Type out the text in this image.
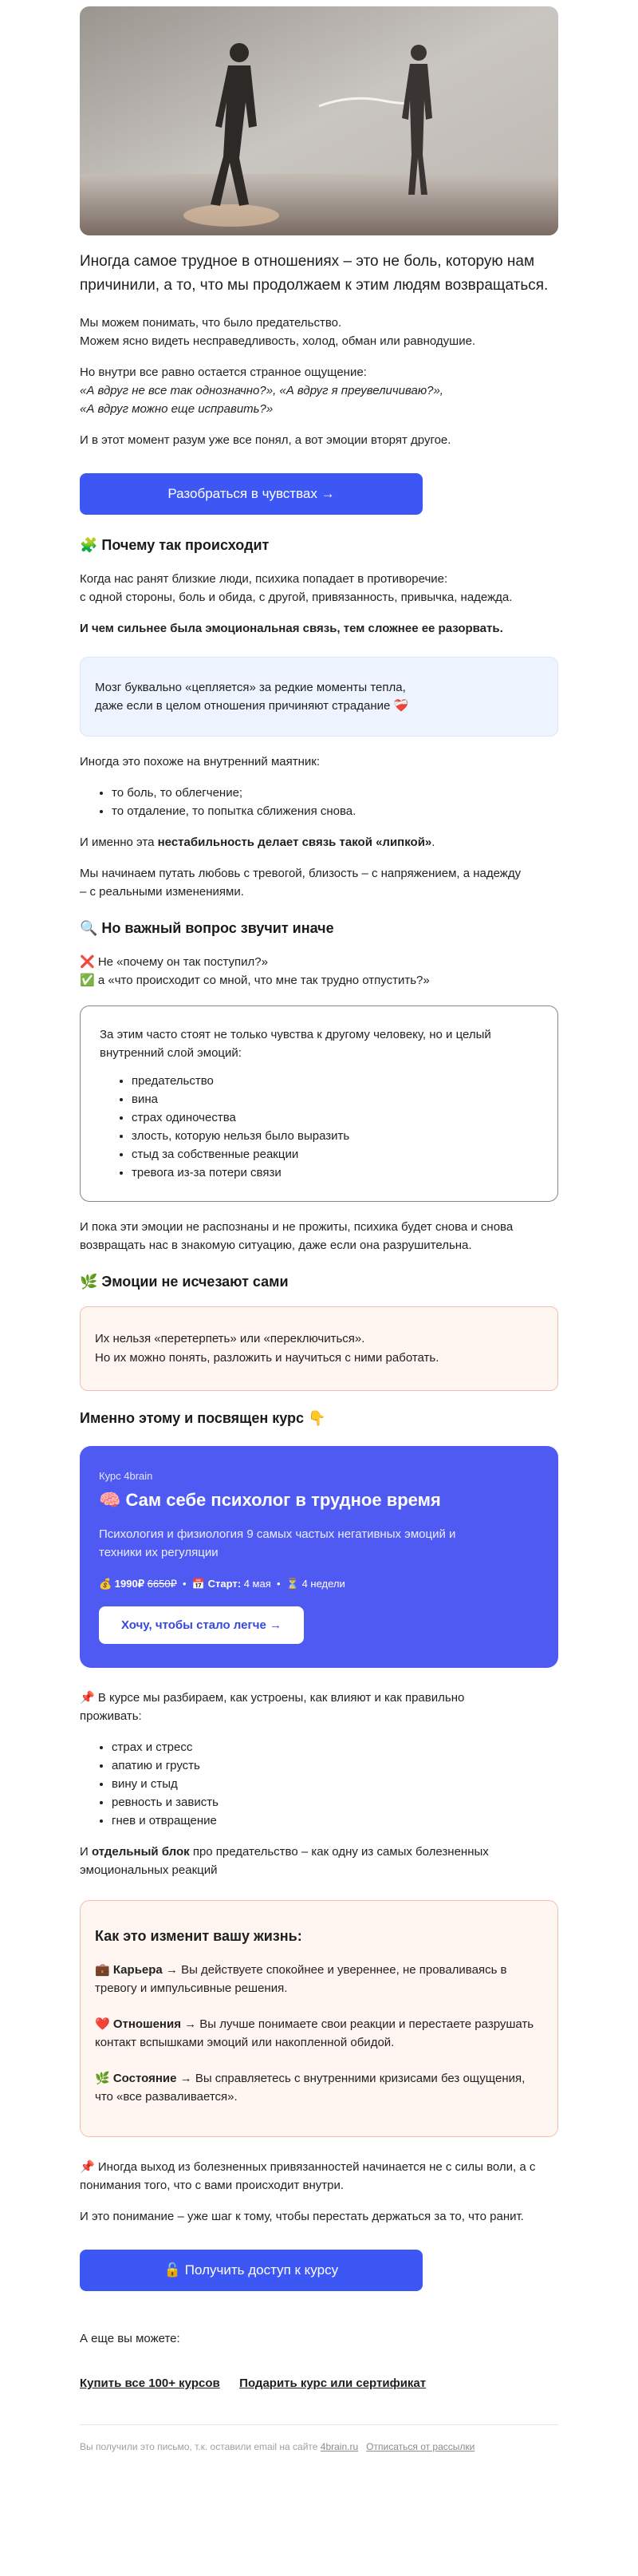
Иногда самое трудное в отношениях – это не боль, которую нам причинили, а то, что мы продолжаем к этим людям возвращаться.

Мы можем понимать, что было предательство.
Можем ясно видеть несправедливость, холод, обман или равнодушие.

Но внутри все равно остается странное ощущение:
«А вдруг не все так однозначно?», «А вдруг я преувеличиваю?»,
«А вдруг можно еще исправить?»

И в этот момент разум уже все понял, а вот эмоции вторят другое.

Разобраться в чувствах →
🧩 Почему так происходит

Когда нас ранят близкие люди, психика попадает в противоречие:
с одной стороны, боль и обида, с другой, привязанность, привычка, надежда.

И чем сильнее была эмоциональная связь, тем сложнее ее разорвать.

Мозг буквально «цепляется» за редкие моменты тепла,
даже если в целом отношения причиняют страдание ❤️‍🩹

Иногда это похоже на внутренний маятник:

• то боль, то облегчение;
• то отдаление, то попытка сближения снова.

И именно эта нестабильность делает связь такой «липкой».

Мы начинаем путать любовь с тревогой, близость – с напряжением, а надежду
– с реальными изменениями.

🔍 Но важный вопрос звучит иначе

❌ Не «почему он так поступил?»
✅ а «что происходит со мной, что мне так трудно отпустить?»

За этим часто стоят не только чувства к другому человеку, но и целый
внутренний слой эмоций:

• предательство
• вина
• страх одиночества
• злость, которую нельзя было выразить
• стыд за собственные реакции
• тревога из-за потери связи

И пока эти эмоции не распознаны и не прожиты, психика будет снова и снова
возвращать нас в знакомую ситуацию, даже если она разрушительна.

🌿 Эмоции не исчезают сами
Их нельзя «перетерпеть» или «переключиться».
Но их можно понять, разложить и научиться с ними работать.
Именно этому и посвящен курс 👇
Курс 4brain
🧠 Сам себе психолог в трудное время
Психология и физиология 9 самых частых негативных эмоций и техники их регуляции
💰 1990₽ 6650₽  •  📅 Старт: 4 мая  •  ⏳ 4 недели
Хочу, чтобы стало легче →

📌 В курсе мы разбираем, как устроены, как влияют и как правильно проживать:

• страх и стресс
• апатию и грусть
• вину и стыд
• ревность и зависть
• гнев и отвращение

И отдельный блок про предательство – как одну из самых болезненных эмоциональных реакций

Как это изменит вашу жизнь:

💼 Карьера → Вы действуете спокойнее и увереннее, не проваливаясь в тревогу и импульсивные решения.

❤️ Отношения → Вы лучше понимаете свои реакции и перестаете разрушать контакт вспышками эмоций или накопленной обидой.

🌿 Состояние → Вы справляетесь с внутренними кризисами без ощущения, что «все разваливается».

📌 Иногда выход из болезненных привязанностей начинается не с силы воли, а с понимания того, что с вами происходит внутри.

И это понимание – уже шаг к тому, чтобы перестать держаться за то, что ранит.

🔓 Получить доступ к курсу

А еще вы можете:

Купить все 100+ курсов Подарить курс или сертификат
Вы получили это письмо, т.к. оставили email на сайте 4brain.ru Отписаться от рассылки
